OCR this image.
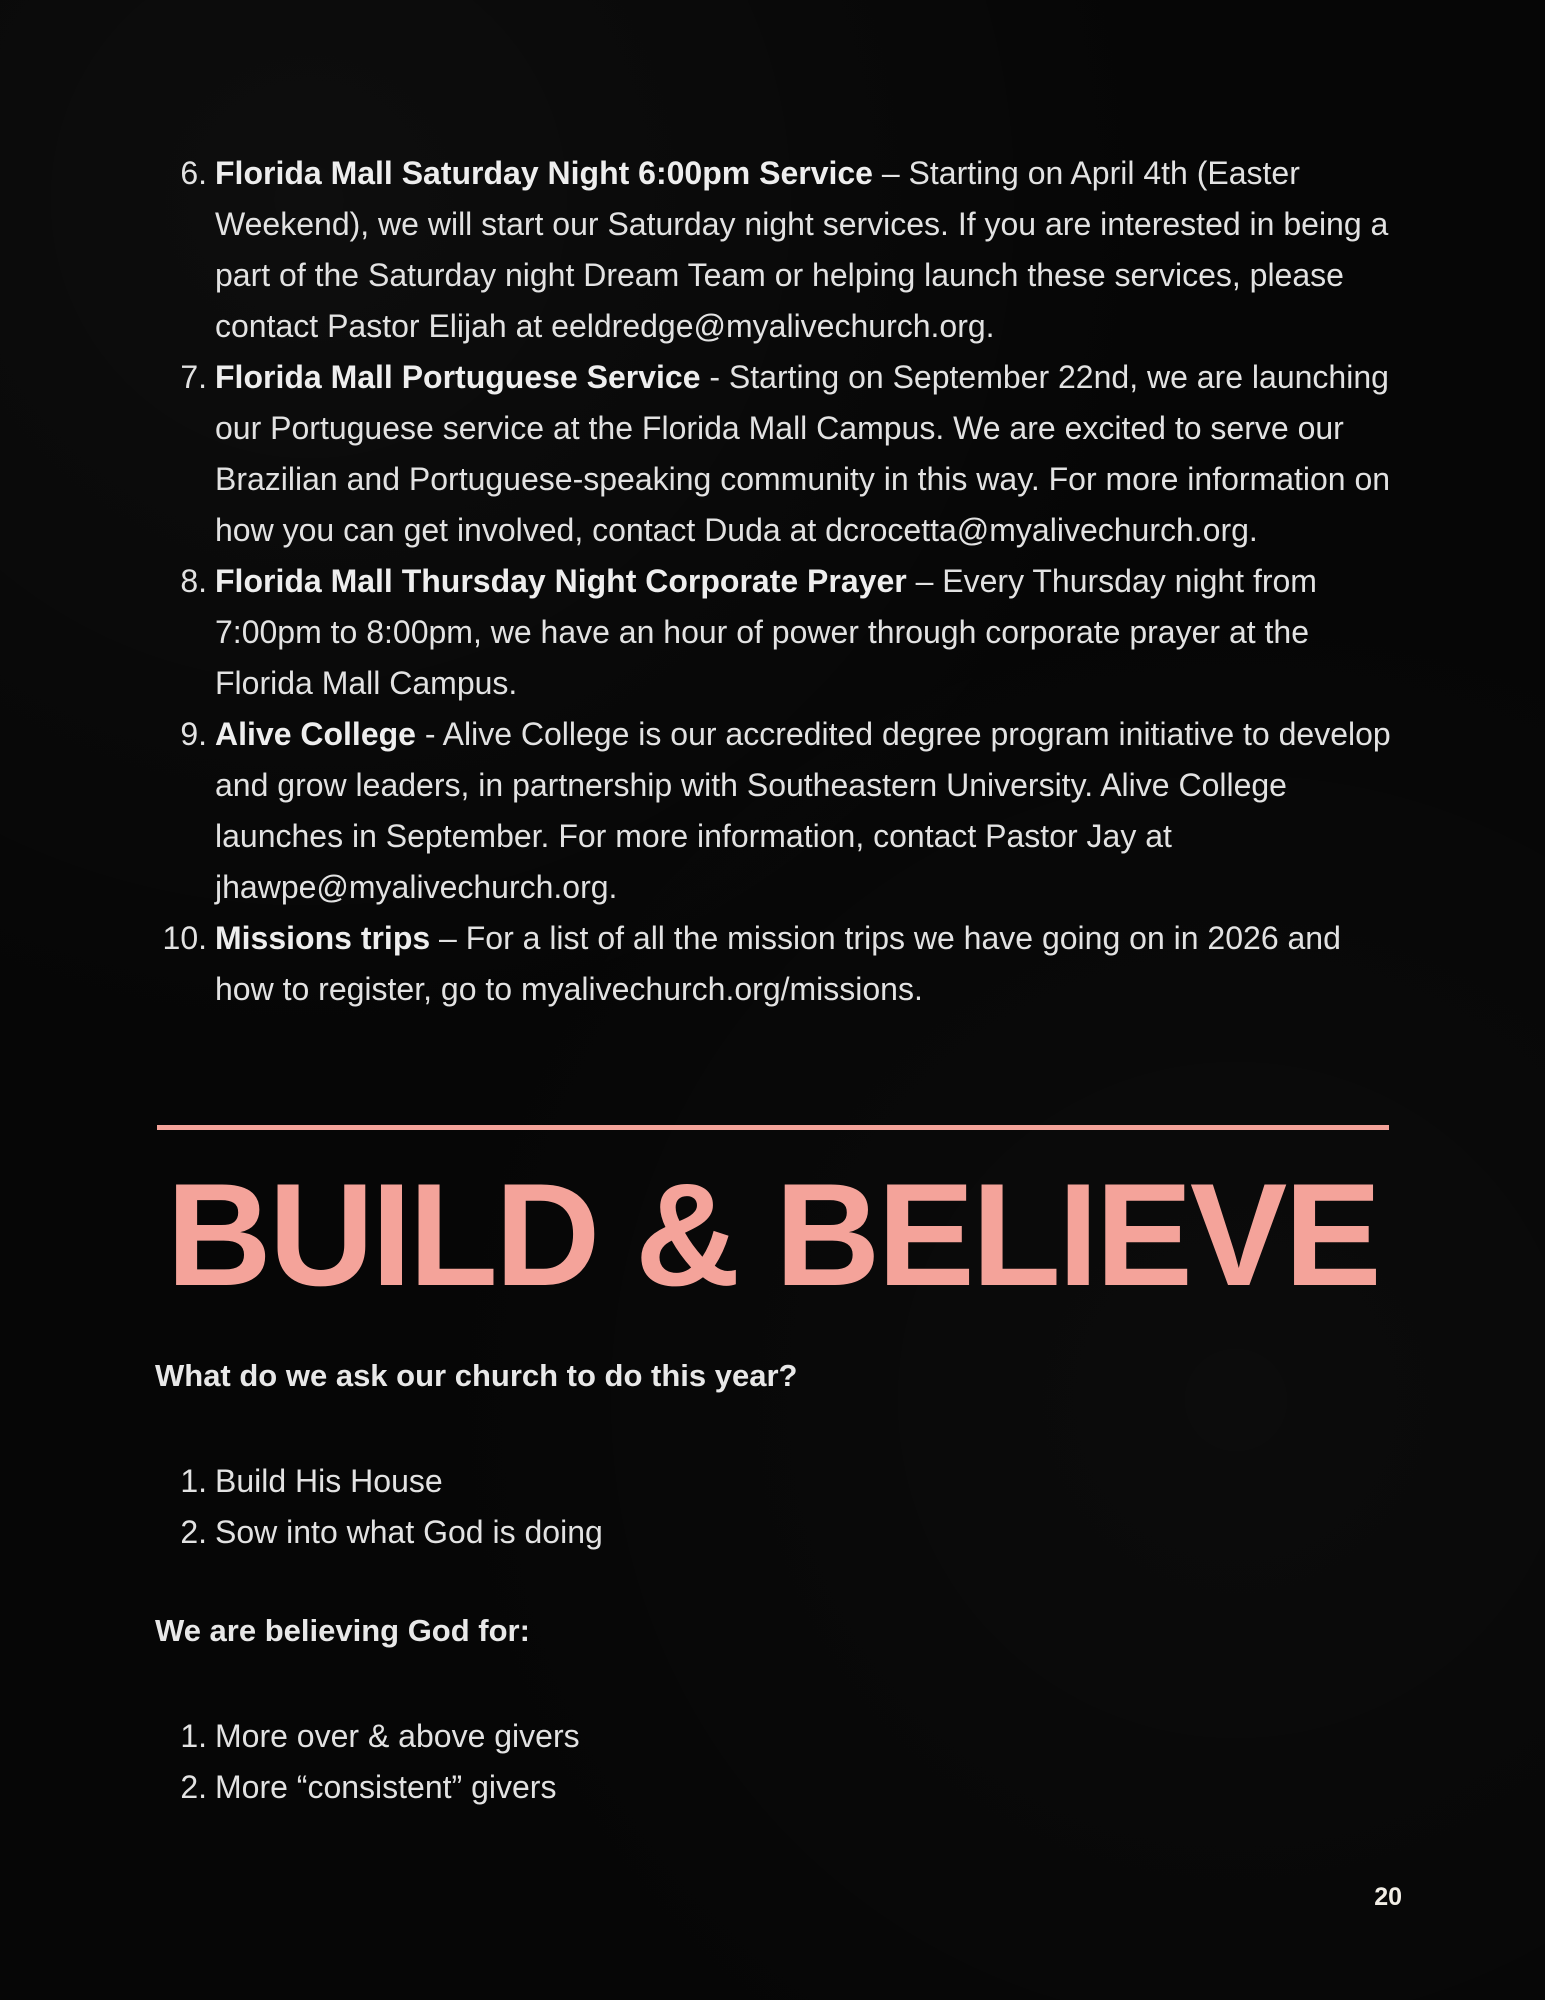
6. Florida Mall Saturday Night 6:00pm Service – Starting on April 4th (Easter Weekend), we will start our Saturday night services. If you are interested in being a part of the Saturday night Dream Team or helping launch these services, please contact Pastor Elijah at eeldredge@myalivechurch.org.
7. Florida Mall Portuguese Service - Starting on September 22nd, we are launching our Portuguese service at the Florida Mall Campus. We are excited to serve our Brazilian and Portuguese-speaking community in this way. For more information on how you can get involved, contact Duda at dcrocetta@myalivechurch.org.
8. Florida Mall Thursday Night Corporate Prayer – Every Thursday night from 7:00pm to 8:00pm, we have an hour of power through corporate prayer at the Florida Mall Campus.
9. Alive College - Alive College is our accredited degree program initiative to develop and grow leaders, in partnership with Southeastern University. Alive College launches in September. For more information, contact Pastor Jay at jhawpe@myalivechurch.org.
10. Missions trips – For a list of all the mission trips we have going on in 2026 and how to register, go to myalivechurch.org/missions.
BUILD & BELIEVE
What do we ask our church to do this year?
1. Build His House
2. Sow into what God is doing
We are believing God for:
1. More over & above givers
2. More “consistent” givers
20
